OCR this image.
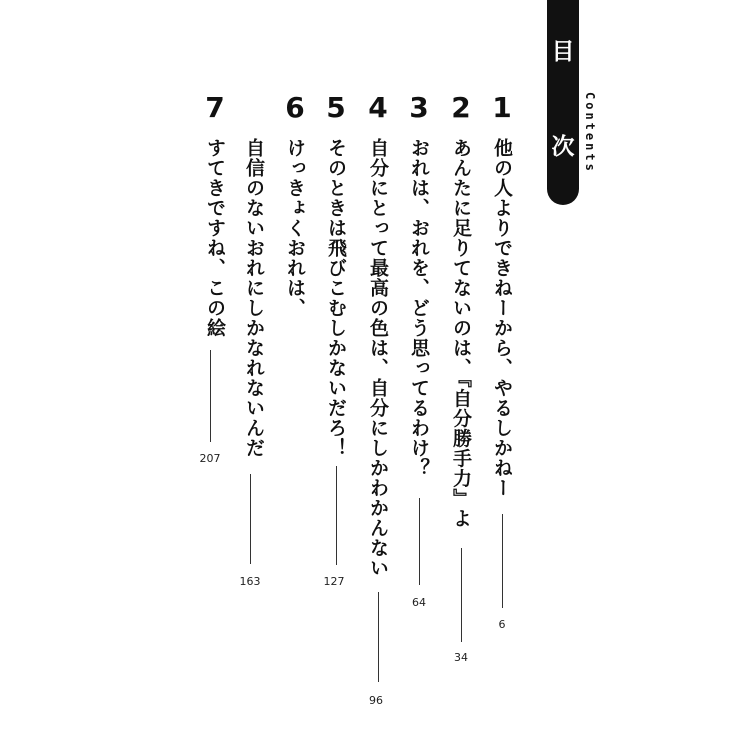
目
次 Contents
1
他の人よりできねーから、やるしかねー
6
2
あんたに足りてないのは、『自分勝手力』よ
34
3
おれは、おれを、どう思ってるわけ？
64
4
自分にとって最高の色は、自分にしかわかんない
96
5
そのときは飛びこむしかないだろ！
127
6
けっきょくおれは、
自信のないおれにしかなれないんだ
163
7
すてきですね、この絵
207
